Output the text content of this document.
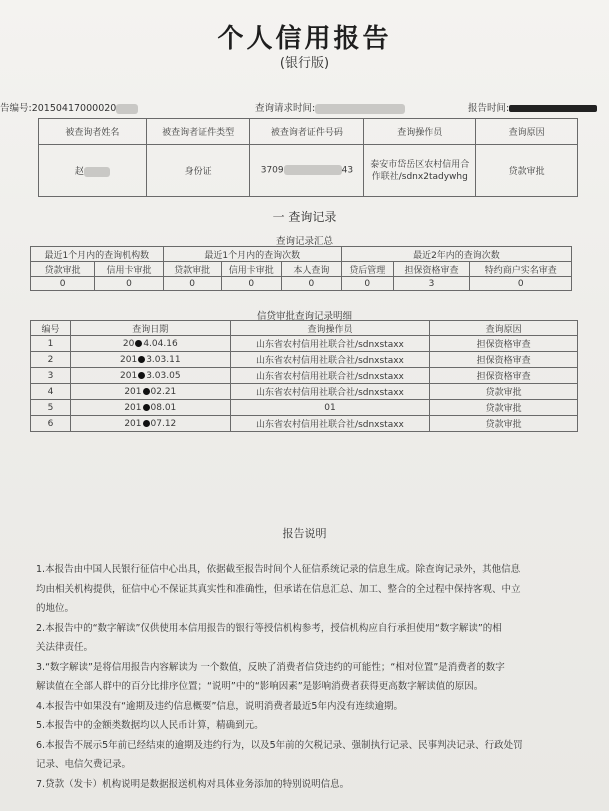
个人信用报告
(银行版)
告编号:20150417000020	查询请求时间:	报告时间:
被查询者姓名	被查询者证件类型	被查询者证件号码	查询操作员	查询原因
赵	身份证	3709 43	泰安市岱岳区农村信用合作联社/sdnx2tadywhg	贷款审批
一 查询记录
查询记录汇总
最近1个月内的查询机构数		最近1个月内的查询次数			最近2年内的查询次数		
贷款审批	信用卡审批	贷款审批	信用卡审批	本人查询	贷后管理	担保资格审查	特约商户实名审查
0	0	0	0	0	0	3	0
信贷审批查询记录明细
编号	查询日期	查询操作员	查询原因
1	20 4.04.16	山东省农村信用社联合社/sdnxstaxx	担保资格审查
2	201 3.03.11	山东省农村信用社联合社/sdnxstaxx	担保资格审查
3	201 3.03.05	山东省农村信用社联合社/sdnxstaxx	担保资格审查
4	201 02.21	山东省农村信用社联合社/sdnxstaxx	贷款审批
5	201 08.01	01	贷款审批
6	201 07.12	山东省农村信用社联合社/sdnxstaxx	贷款审批
报告说明

1.本报告由中国人民银行征信中心出具，依据截至报告时间个人征信系统记录的信息生成。除查询记录外，其他信息

均由相关机构提供，征信中心不保证其真实性和准确性，但承诺在信息汇总、加工、整合的全过程中保持客观、中立

的地位。

2.本报告中的“数字解读”仅供使用本信用报告的银行等授信机构参考，授信机构应自行承担使用“数字解读”的相

关法律责任。

3.“数字解读”是将信用报告内容解读为 一个数值，反映了消费者信贷违约的可能性；“相对位置”是消费者的数字

解读值在全部人群中的百分比排序位置；“说明”中的“影响因素”是影响消费者获得更高数字解读值的原因。

4.本报告中如果没有“逾期及违约信息概要”信息，说明消费者最近5年内没有连续逾期。

5.本报告中的金额类数据均以人民币计算，精确到元。

6.本报告不展示5年前已经结束的逾期及违约行为，以及5年前的欠税记录、强制执行记录、民事判决记录、行政处罚

记录、电信欠费记录。

7.贷款（发卡）机构说明是数据报送机构对具体业务添加的特别说明信息。
